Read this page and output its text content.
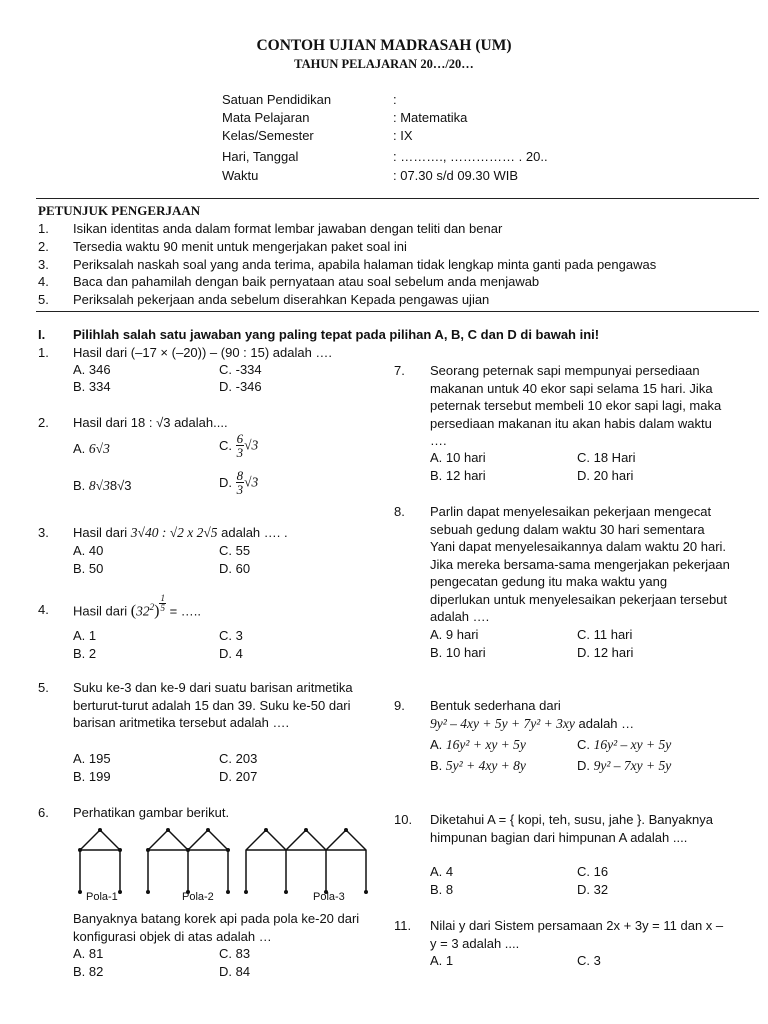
CONTOH UJIAN MADRASAH (UM)
TAHUN PELAJARAN 20…/20…
Satuan Pendidikan	:
Mata Pelajaran	: Matematika
Kelas/Semester	: IX
Hari, Tanggal	: ………., …………… . 20..
Waktu	: 07.30 s/d 09.30 WIB
PETUNJUK PENGERJAAN
1. Isikan identitas anda dalam format lembar jawaban dengan teliti dan benar
2. Tersedia waktu 90 menit untuk mengerjakan paket soal ini
3. Periksalah naskah soal yang anda terima, apabila halaman tidak lengkap minta ganti pada pengawas
4. Baca dan pahamilah dengan baik pernyataan atau soal sebelum anda menjawab
5. Periksalah pekerjaan anda sebelum diserahkan Kepada pengawas ujian
I. Pilihlah salah satu jawaban yang paling tepat pada pilihan A, B, C dan D di bawah ini!
1. Hasil dari (–17 × (–20)) – (90 : 15) adalah ….
A. 346	C. -334
B. 334	D. -346
2. Hasil dari 18 : √3 adalah....
A. 6√3	C. $\frac{6}{3} √3$
B. 8√38√3	D. $\frac{8}{3} √3$
3. Hasil dari 3√40 : √2 x 2√5 adalah …. .
A. 40	C. 55
B. 50	D. 60
4. Hasil dari $(32^2) \frac{1}{5}$ = …..
A. 1	C. 3
B. 2	D. 4
5. Suku ke-3 dan ke-9 dari suatu barisan aritmetika berturut-turut adalah 15 dan 39. Suku ke-50 dari barisan aritmetika tersebut adalah ….
A. 195	C. 203
B. 199	D. 207
6. Perhatikan gambar berikut.
Pola-1	Pola-2	Pola-3
Banyaknya batang korek api pada pola ke-20 dari konfigurasi objek di atas adalah …
A. 81	C. 83
B. 82	D. 84
7. Seorang peternak sapi mempunyai persediaan makanan untuk 40 ekor sapi selama 15 hari. Jika peternak tersebut membeli 10 ekor sapi lagi, maka persediaan makanan itu akan habis dalam waktu ….
A. 10 hari	C. 18 Hari
B. 12 hari	D. 20 hari
8. Parlin dapat menyelesaikan pekerjaan mengecat sebuah gedung dalam waktu 30 hari sementara Yani dapat menyelesaikannya dalam waktu 20 hari. Jika mereka bersama-sama mengerjakan pekerjaan pengecatan gedung itu maka waktu yang diperlukan untuk menyelesaikan pekerjaan tersebut adalah ….
A. 9 hari	C. 11 hari
B. 10 hari	D. 12 hari
9. Bentuk sederhana dari
9y² – 4xy + 5y + 7y² + 3xy adalah …
A. 16y² + xy + 5y	C. 16y² – xy + 5y
B. 5y² + 4xy + 8y	D. 9y² – 7xy + 5y
10. Diketahui A = { kopi, teh, susu, jahe }. Banyaknya himpunan bagian dari himpunan A adalah ....
A. 4	C. 16
B. 8	D. 32
11. Nilai y dari Sistem persamaan 2x + 3y = 11 dan x – y = 3 adalah ....
A. 1	C. 3
